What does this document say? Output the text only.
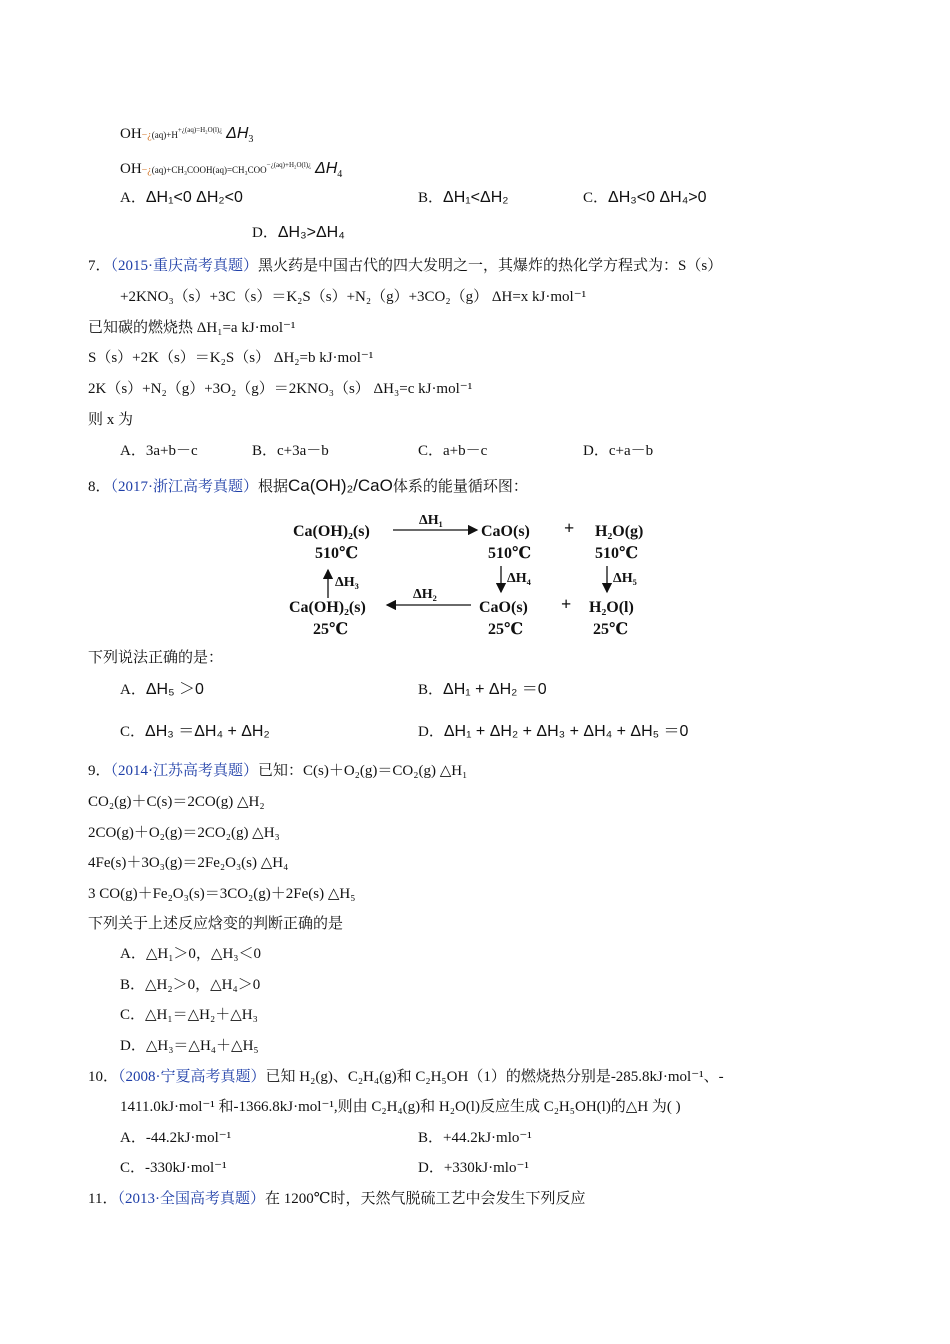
$OH-¿(aq)+H^{+¿(aq)=H_2O(l)¿}$ $\Delta H_3$
$OH-¿(aq)+CH_3COOH(aq)=CH_3COO^{-¿(aq)+H_2O(l)¿}$ $\Delta H_4$
A．ΔH₁<0 ΔH₂<0	B．ΔH₁<ΔH₂	C．ΔH₃<0 ΔH₄>0
D．ΔH₃>ΔH₄
7．（2015·重庆高考真题）黑火药是中国古代的四大发明之一，其爆炸的热化学方程式为：S（s）
+2KNO₃（s）+3C（s）＝K₂S（s）+N₂（g）+3CO₂（g） ΔH=x kJ·mol⁻¹
已知碳的燃烧热 ΔH₁=a kJ·mol⁻¹
S（s）+2K（s）＝K₂S（s） ΔH₂=b kJ·mol⁻¹
2K（s）+N₂（g）+3O₂（g）＝2KNO₃（s） ΔH₃=c kJ·mol⁻¹
则 x 为
A．3a+b－c	B．c+3a－b	C．a+b－c	D．c+a－b
8．（2017·浙江高考真题）根据Ca(OH)₂/CaO体系的能量循环图：
Ca(OH)₂(s)
510℃
CaO(s)
510℃
+ H₂O(g)
510℃
ΔH₁
ΔH₃	ΔH₄	ΔH₅
Ca(OH)₂(s)
25℃
CaO(s)
25℃
+ H₂O(l)
25℃
ΔH₂
下列说法正确的是：
A．ΔH₅ ＞0	B．ΔH₁ + ΔH₂ ＝0
C．ΔH₃ ＝ΔH₄ + ΔH₂	D．ΔH₁ + ΔH₂ + ΔH₃ + ΔH₄ + ΔH₅ ＝0
9．（2014·江苏高考真题）已知：C(s)＋O₂(g)＝CO₂(g) △H₁
CO₂(g)＋C(s)＝2CO(g) △H₂
2CO(g)＋O₂(g)＝2CO₂(g) △H₃
4Fe(s)＋3O₃(g)＝2Fe₂O₃(s) △H₄
3 CO(g)＋Fe₂O₃(s)＝3CO₂(g)＋2Fe(s) △H₅
下列关于上述反应焓变的判断正确的是
A．△H₁＞0，△H₃＜0
B．△H₂＞0，△H₄＞0
C．△H₁＝△H₂＋△H₃
D．△H₃＝△H₄＋△H₅
10．（2008·宁夏高考真题）已知 H₂(g)、C₂H₄(g)和 C₂H₅OH（1）的燃烧热分别是-285.8kJ·mol⁻¹、-
1411.0kJ·mol⁻¹ 和-1366.8kJ·mol⁻¹,则由 C₂H₄(g)和 H₂O(l)反应生成 C₂H₅OH(l)的△H 为( )
A．-44.2kJ·mol⁻¹	B．+44.2kJ·mlo⁻¹
C．-330kJ·mol⁻¹	D．+330kJ·mlo⁻¹
11．（2013·全国高考真题）在 1200℃时，天然气脱硫工艺中会发生下列反应
